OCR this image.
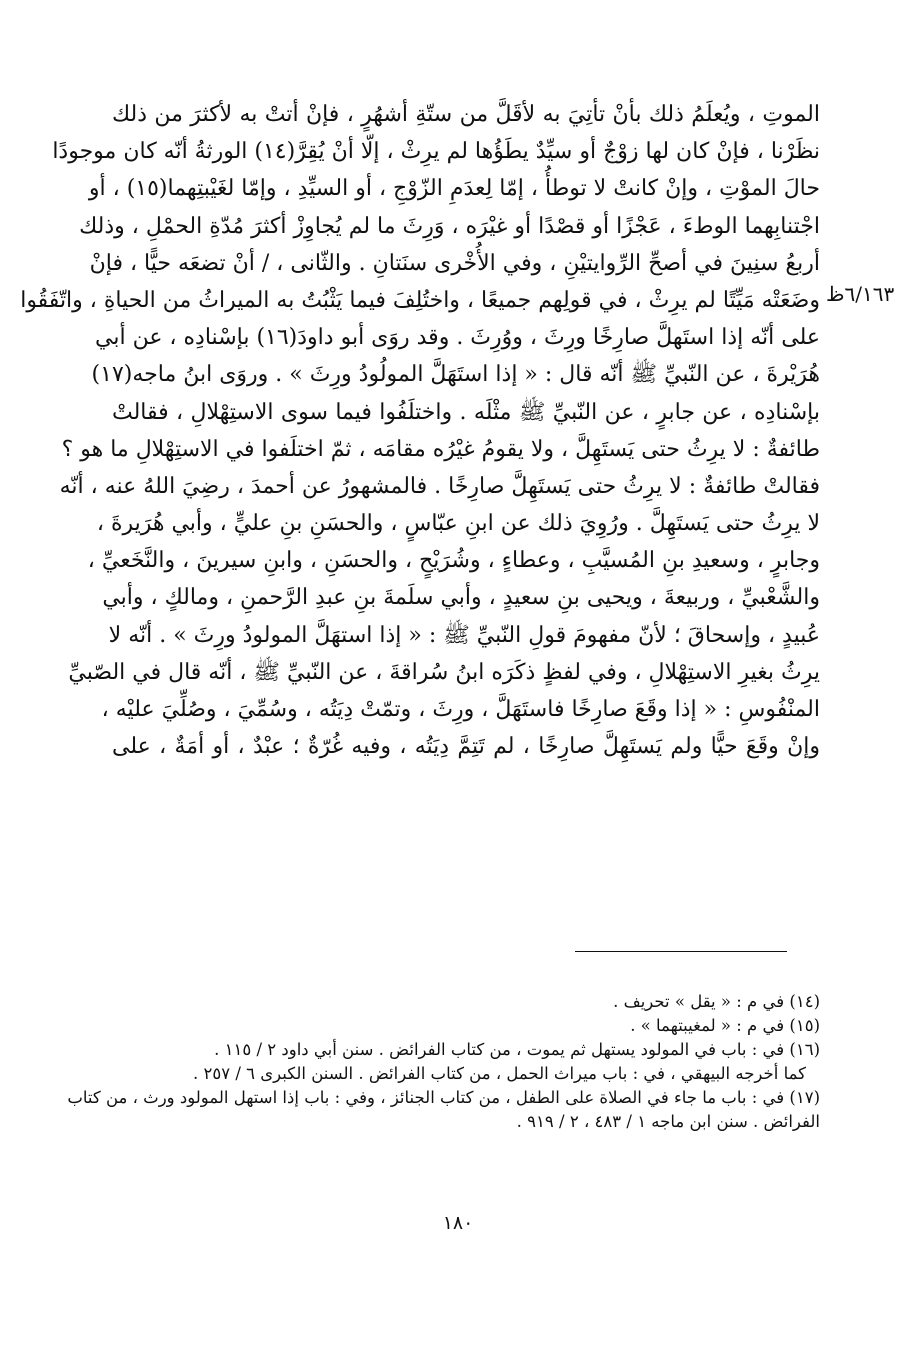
٦/١٦٣ظ
الموتِ ، ويُعلَمُ ذلك بأنْ تأتِيَ به لأقَلَّ من ستّةِ أشهُرٍ ، فإنْ أتتْ به لأكثرَ من ذلك
نظَرْنا ، فإنْ كان لها زوْجٌ أو سيِّدٌ يطَؤُها لم يرِثْ ، إلّا أنْ يُقِرَّ(١٤) الورثةُ أنّه كان موجودًا
حالَ الموْتِ ، وإنْ كانتْ لا توطأُ ، إمّا لِعدَمِ الزّوْجِ ، أو السيِّدِ ، وإمّا لغَيْبتِهما(١٥) ، أو
اجْتنابِهما الوطءَ ، عَجْزًا أو قصْدًا أو غيْرَه ، وَرِثَ ما لم يُجاوِزْ أكثرَ مُدّةِ الحمْلِ ، وذلك
أربعُ سنِينَ في أصحِّ الرِّوايتيْنِ ، وفي الأُخْرى سنَتانِ . والثّانى ، / أنْ تضعَه حيًّا ، فإنْ
وضَعَتْه مَيِّتًا لم يرِثْ ، في قولِهم جميعًا ، واختُلِفَ فيما يَثْبُتُ به الميراثُ من الحياةِ ، واتّفَقُوا
على أنّه إذا استَهلَّ صارِخًا ورِثَ ، ووُرِثَ . وقد روَى أبو داودَ(١٦) بإسْنادِه ، عن أبي
هُرَيْرةَ ، عن النّبيِّ ﷺ أنّه قال : « إذا استَهَلَّ المولُودُ ورِثَ » . وروَى ابنُ ماجه(١٧)
بإسْنادِه ، عن جابرٍ ، عن النّبيِّ ﷺ مثْلَه . واختلَفُوا فيما سوى الاستِهْلالِ ، فقالتْ
طائفةٌ : لا يرِثُ حتى يَستَهِلَّ ، ولا يقومُ غيْرُه مقامَه ، ثمّ اختلَفوا في الاستِهْلالِ ما هو ؟
فقالتْ طائفةٌ : لا يرِثُ حتى يَستَهِلَّ صارِخًا . فالمشهورُ عن أحمدَ ، رضِيَ اللهُ عنه ، أنّه
لا يرِثُ حتى يَستَهِلَّ . ورُوِيَ ذلك عن ابنِ عبّاسٍ ، والحسَنِ بنِ عليٍّ ، وأبي هُرَيرةَ ،
وجابرٍ ، وسعيدِ بنِ المُسيَّبِ ، وعطاءٍ ، وشُرَيْحٍ ، والحسَنِ ، وابنِ سيرينَ ، والنَّخَعيِّ ،
والشَّعْبيِّ ، وربيعةَ ، ويحيى بنِ سعيدٍ ، وأبي سلَمةَ بنِ عبدِ الرَّحمنِ ، ومالكٍ ، وأبي
عُبيدٍ ، وإسحاقَ ؛ لأنّ مفهومَ قولِ النّبيِّ ﷺ : « إذا استهَلَّ المولودُ ورِثَ » . أنّه لا
يرِثُ بغيرِ الاستِهْلالِ ، وفي لفظٍ ذكَرَه ابنُ سُراقةَ ، عن النّبيِّ ﷺ ، أنّه قال في الصّبيِّ
المنْفُوسِ : « إذا وقَعَ صارِخًا فاستَهَلَّ ، ورِثَ ، وتمّتْ دِيَتُه ، وسُمِّيَ ، وصُلِّيَ عليْه ،
وإنْ وقَعَ حيًّا ولم يَستَهِلَّ صارِخًا ، لم تَتِمَّ دِيَتُه ، وفيه غُرّةٌ ؛ عبْدٌ ، أو أمَةٌ ، على
(١٤) في م : « يقل » تحريف .
(١٥) في م : « لمغيبتهما » .
(١٦) في : باب في المولود يستهل ثم يموت ، من كتاب الفرائض . سنن أبي داود ٢ / ١١٥ .
كما أخرجه البيهقي ، في : باب ميراث الحمل ، من كتاب الفرائض . السنن الكبرى ٦ / ٢٥٧ .
(١٧) في : باب ما جاء في الصلاة على الطفل ، من كتاب الجنائز ، وفي : باب إذا استهل المولود ورث ، من كتاب
الفرائض . سنن ابن ماجه ١ / ٤٨٣ ، ٢ / ٩١٩ .
١٨٠
